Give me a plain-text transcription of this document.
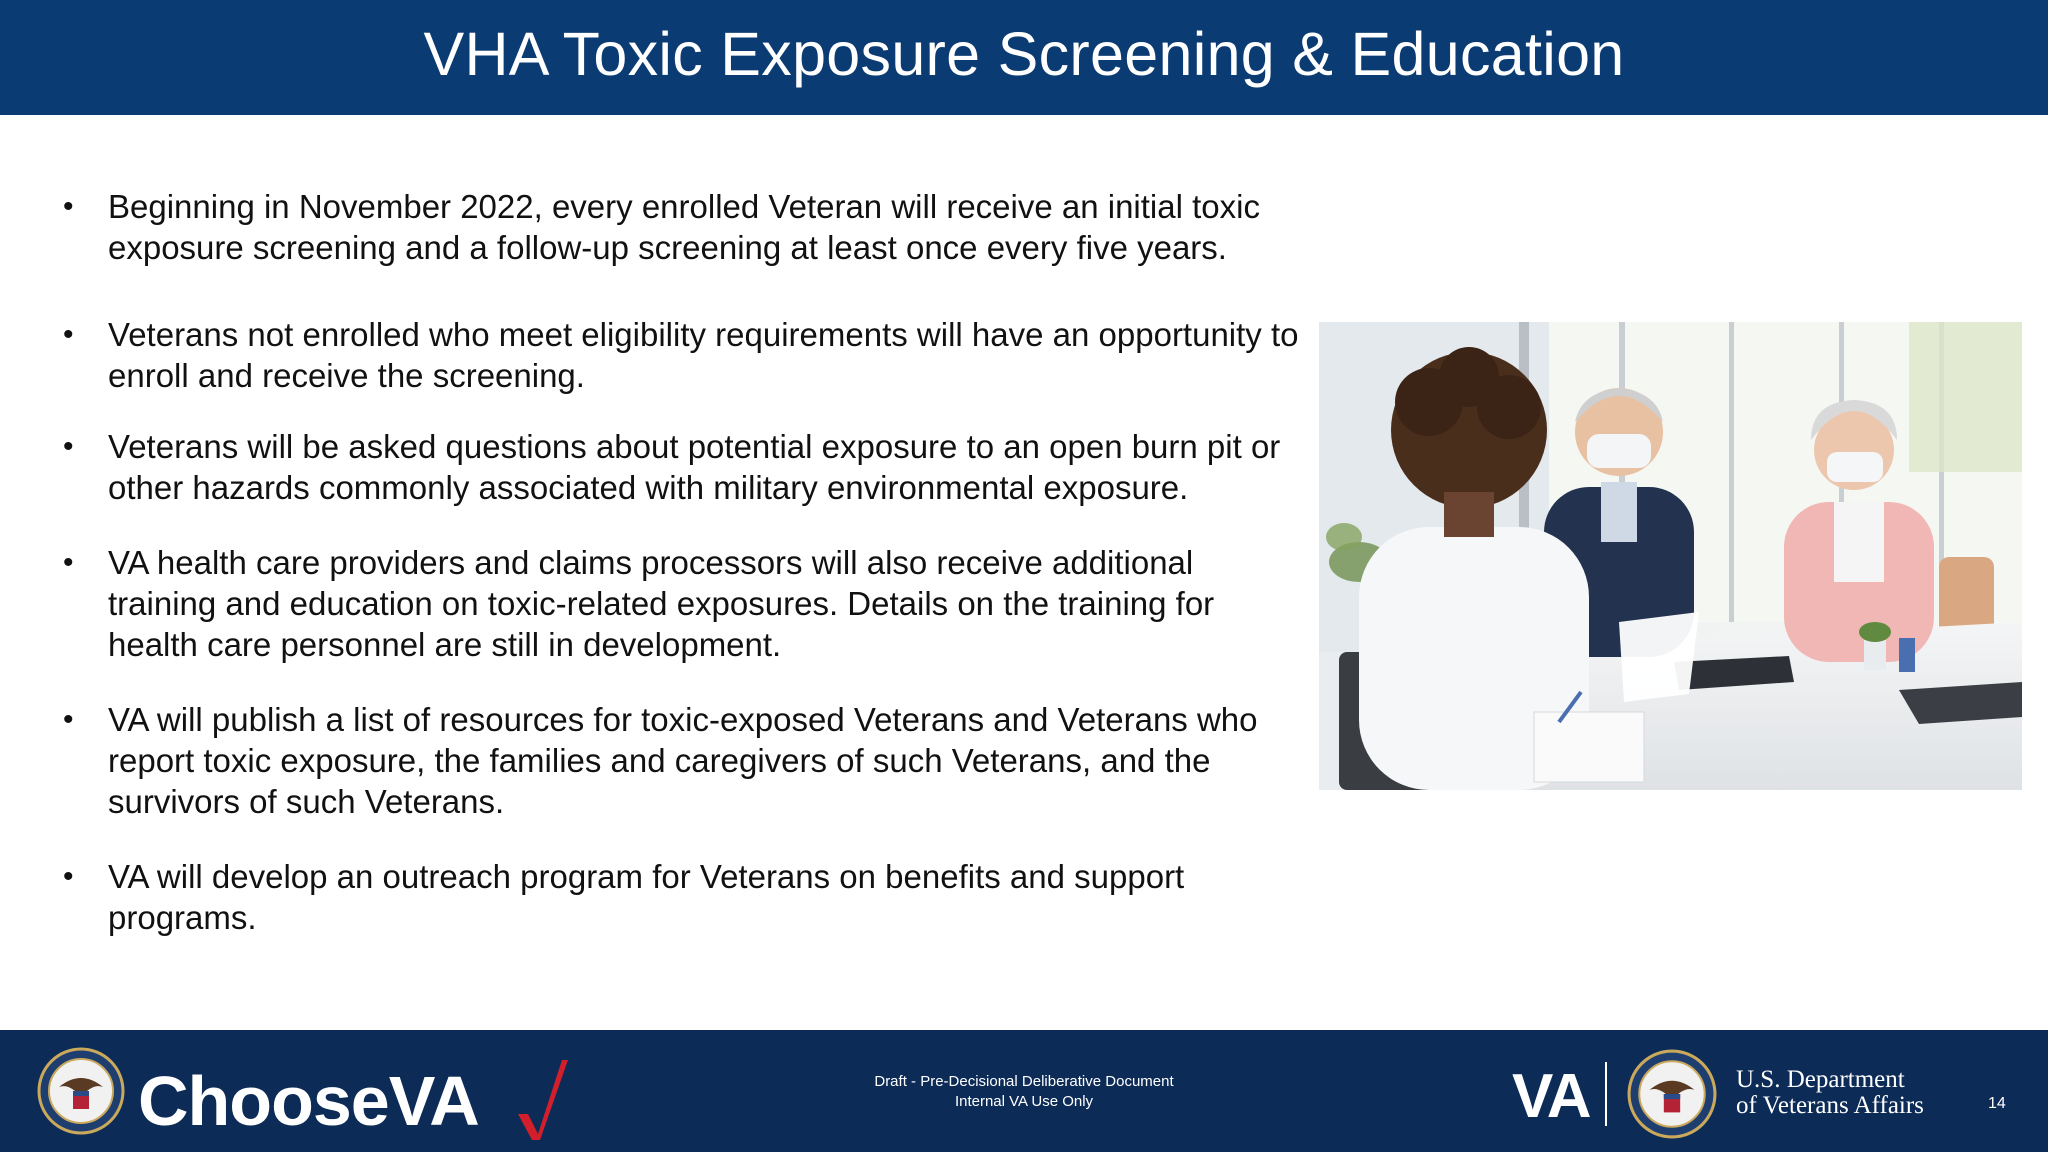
VHA Toxic Exposure Screening & Education
• Beginning in November 2022, every enrolled Veteran will receive an initial toxic exposure screening and a follow-up screening at least once every five years.
• Veterans not enrolled who meet eligibility requirements will have an opportunity to enroll and receive the screening.
• Veterans will be asked questions about potential exposure to an open burn pit or other hazards commonly associated with military environmental exposure.
• VA health care providers and claims processors will also receive additional training and education on toxic-related exposures. Details on the training for health care personnel are still in development.
• VA will publish a list of resources for toxic-exposed Veterans and Veterans who report toxic exposure, the families and caregivers of such Veterans, and the survivors of such Veterans.
• VA will develop an outreach program for Veterans on benefits and support programs.
ChooseVA	Draft - Pre-Decisional Deliberative Document
Internal VA Use Only	VA	U.S. Department
of Veterans Affairs	14
